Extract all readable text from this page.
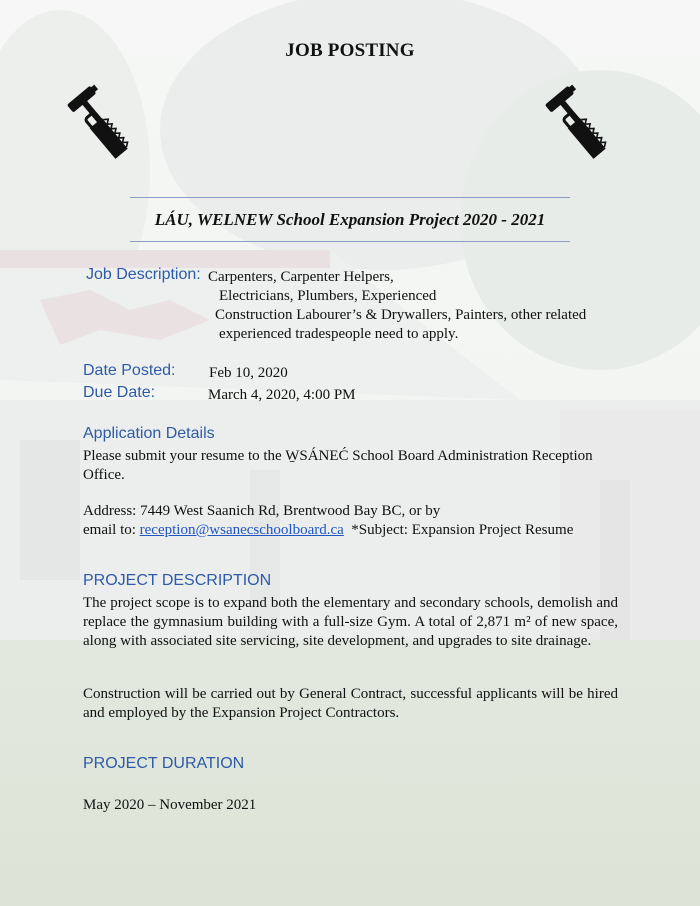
JOB POSTING
LÁU, WELNEW School Expansion Project 2020 - 2021
Job Description: Carpenters, Carpenter Helpers,
Electricians, Plumbers, Experienced
Construction Labourer’s & Drywallers, Painters, other related
experienced tradespeople need to apply.
Date Posted: Feb 10, 2020
Due Date:	March 4, 2020, 4:00 PM
Application Details
Please submit your resume to the W̱SÁNEĆ School Board Administration Reception Office.
Address: 7449 West Saanich Rd, Brentwood Bay BC, or by
email to: reception@wsanecschoolboard.ca *Subject: Expansion Project Resume
PROJECT DESCRIPTION
The project scope is to expand both the elementary and secondary schools, demolish and replace the gymnasium building with a full-size Gym. A total of 2,871 m² of new space, along with associated site servicing, site development, and upgrades to site drainage.
Construction will be carried out by General Contract, successful applicants will be hired and employed by the Expansion Project Contractors.
PROJECT DURATION
May 2020 – November 2021
